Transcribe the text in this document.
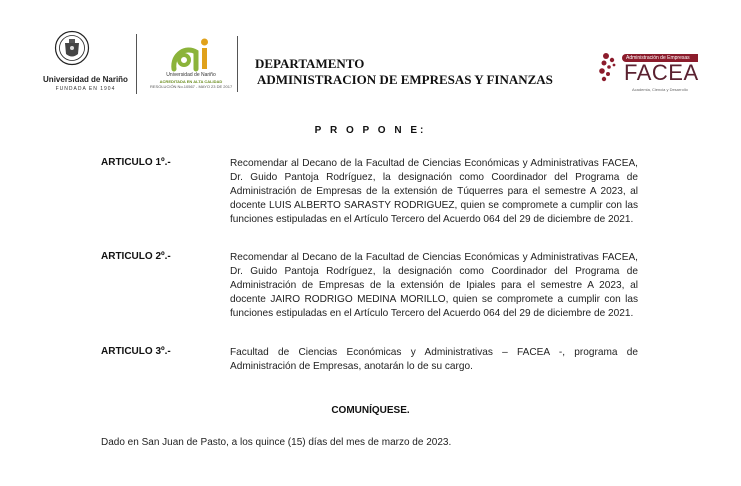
Universidad de Nariño
FUNDADA EN 1904
Universidad de Nariño
ACREDITADA EN ALTA CALIDAD
RESOLUCIÓN No.10567 - MAYO 23 DE 2017
DEPARTAMENTO
ADMINISTRACION DE EMPRESAS Y FINANZAS
Administración de Empresas
FACEA
Academia, Ciencia y Desarrollo
P R O P O N E:
ARTICULO 1º.-	Recomendar al Decano de la Facultad de Ciencias Económicas y Administrativas FACEA, Dr. Guido Pantoja Rodríguez, la designación como Coordinador del Programa de Administración de Empresas de la extensión de Túquerres para el semestre A 2023, al docente LUIS ALBERTO SARASTY RODRIGUEZ, quien se compromete a cumplir con las funciones estipuladas en el Artículo Tercero del Acuerdo 064 del 29 de diciembre de 2021.

ARTICULO 2º.-	Recomendar al Decano de la Facultad de Ciencias Económicas y Administrativas FACEA, Dr. Guido Pantoja Rodríguez, la designación como Coordinador del Programa de Administración de Empresas de la extensión de Ipiales para el semestre A 2023, al docente JAIRO RODRIGO MEDINA MORILLO, quien se compromete a cumplir con las funciones estipuladas en el Artículo Tercero del Acuerdo 064 del 29 de diciembre de 2021.

ARTICULO 3º.-	Facultad de Ciencias Económicas y Administrativas – FACEA -, programa de Administración de Empresas, anotarán lo de su cargo.

COMUNÍQUESE.
Dado en San Juan de Pasto, a los quince (15) días del mes de marzo de 2023.
